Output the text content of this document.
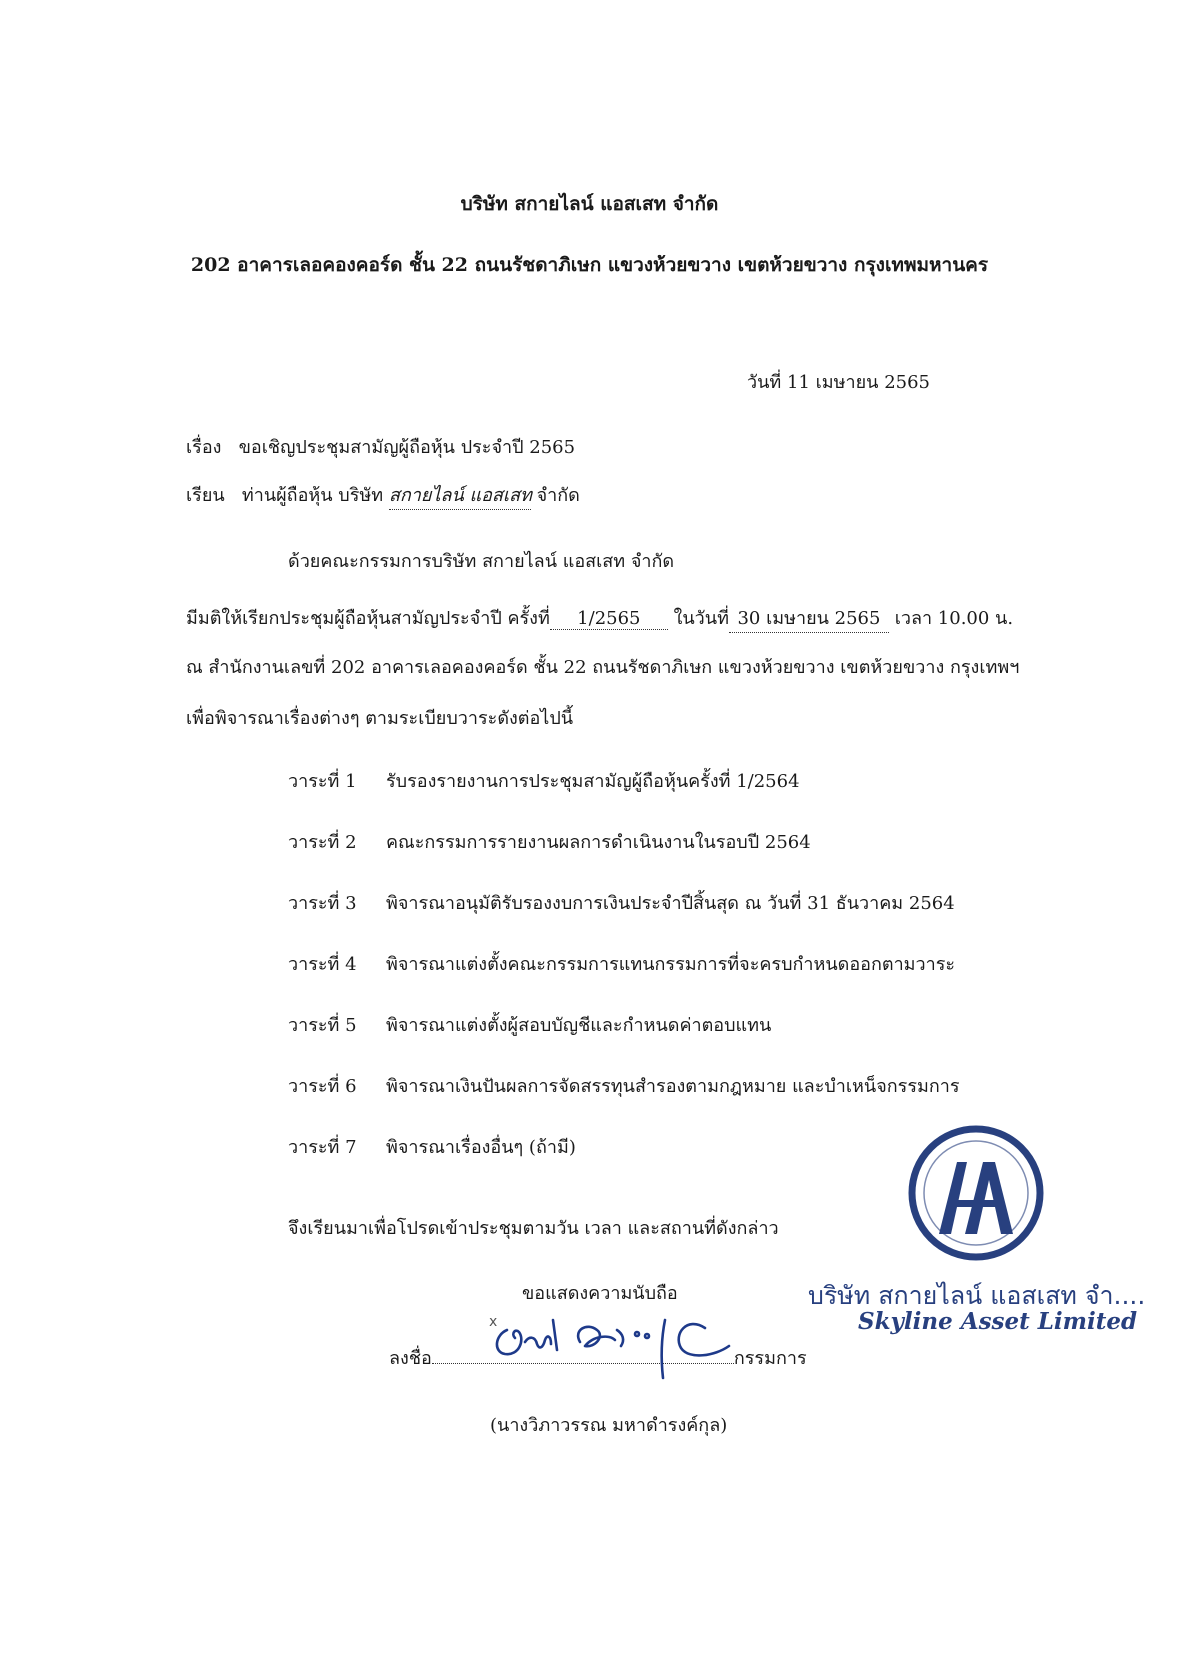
บริษัท สกายไลน์ แอสเสท จำกัด
202 อาคารเลอคองคอร์ด ชั้น 22 ถนนรัชดาภิเษก แขวงห้วยขวาง เขตห้วยขวาง กรุงเทพมหานคร
วันที่ 11 เมษายน 2565
เรื่อง ขอเชิญประชุมสามัญผู้ถือหุ้น ประจำปี 2565
เรียน ท่านผู้ถือหุ้น บริษัท สกายไลน์ แอสเสท จำกัด
ด้วยคณะกรรมการบริษัท สกายไลน์ แอสเสท จำกัด
มีมติให้เรียกประชุมผู้ถือหุ้นสามัญประจำปี ครั้งที่ 1/2565 ในวันที่ 30 เมษายน 2565 เวลา 10.00 น.
ณ สำนักงานเลขที่ 202 อาคารเลอคองคอร์ด ชั้น 22 ถนนรัชดาภิเษก แขวงห้วยขวาง เขตห้วยขวาง กรุงเทพฯ
เพื่อพิจารณาเรื่องต่างๆ ตามระเบียบวาระดังต่อไปนี้
วาระที่ 1 รับรองรายงานการประชุมสามัญผู้ถือหุ้นครั้งที่ 1/2564
วาระที่ 2 คณะกรรมการรายงานผลการดำเนินงานในรอบปี 2564
วาระที่ 3 พิจารณาอนุมัติรับรองงบการเงินประจำปีสิ้นสุด ณ วันที่ 31 ธันวาคม 2564
วาระที่ 4 พิจารณาแต่งตั้งคณะกรรมการแทนกรรมการที่จะครบกำหนดออกตามวาระ
วาระที่ 5 พิจารณาแต่งตั้งผู้สอบบัญชีและกำหนดค่าตอบแทน
วาระที่ 6 พิจารณาเงินปันผลการจัดสรรทุนสำรองตามกฎหมาย และบำเหน็จกรรมการ
วาระที่ 7 พิจารณาเรื่องอื่นๆ (ถ้ามี)
จึงเรียนมาเพื่อโปรดเข้าประชุมตามวัน เวลา และสถานที่ดังกล่าว
ขอแสดงความนับถือ
ลงชื่อ	กรรมการ
x
(นางวิภาวรรณ มหาดำรงค์กุล)
บริษัท สกายไลน์ แอสเสท จำ....
Skyline Asset Limited
